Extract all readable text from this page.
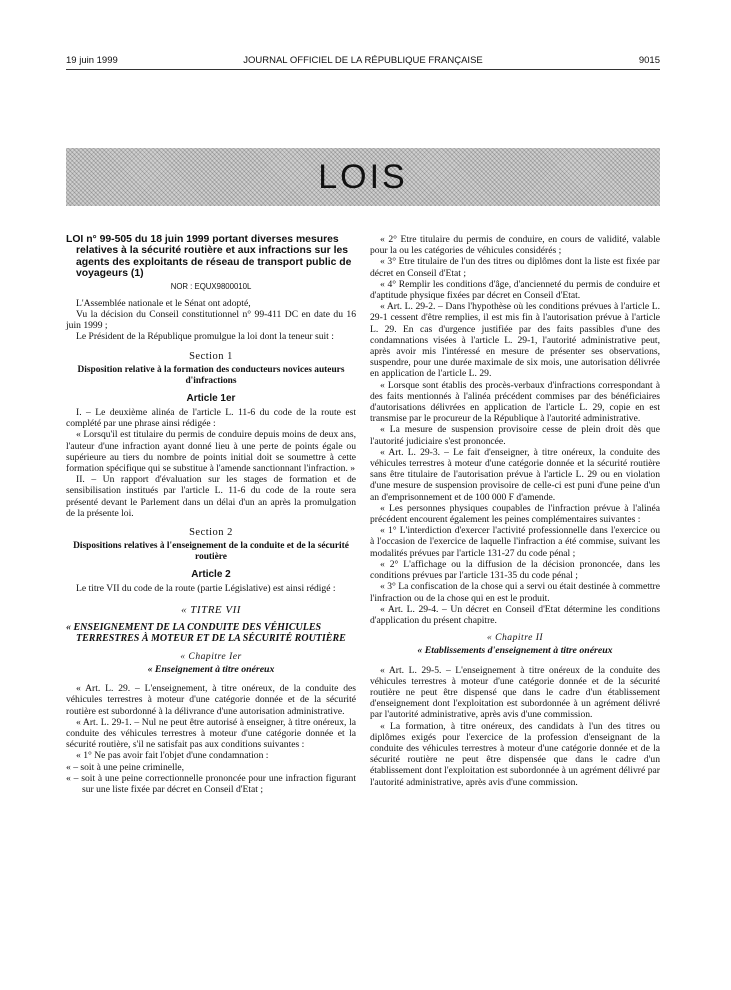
19 juin 1999	JOURNAL OFFICIEL DE LA RÉPUBLIQUE FRANÇAISE	9015
LOIS
LOI n° 99-505 du 18 juin 1999 portant diverses mesures relatives à la sécurité routière et aux infractions sur les agents des exploitants de réseau de transport public de voyageurs (1)
NOR : EQUX9800010L

L'Assemblée nationale et le Sénat ont adopté,

Vu la décision du Conseil constitutionnel n° 99-411 DC en date du 16 juin 1999 ;

Le Président de la République promulgue la loi dont la teneur suit :

Section 1
Disposition relative à la formation des conducteurs novices auteurs d'infractions
Article 1er

I. – Le deuxième alinéa de l'article L. 11-6 du code de la route est complété par une phrase ainsi rédigée :

« Lorsqu'il est titulaire du permis de conduire depuis moins de deux ans, l'auteur d'une infraction ayant donné lieu à une perte de points égale ou supérieure au tiers du nombre de points initial doit se soumettre à cette formation spécifique qui se substitue à l'amende sanctionnant l'infraction. »

II. – Un rapport d'évaluation sur les stages de formation et de sensibilisation institués par l'article L. 11-6 du code de la route sera présenté devant le Parlement dans un délai d'un an après la promulgation de la présente loi.

Section 2
Dispositions relatives à l'enseignement de la conduite et de la sécurité routière
Article 2

Le titre VII du code de la route (partie Législative) est ainsi rédigé :

« TITRE VII
« ENSEIGNEMENT DE LA CONDUITE DES VÉHICULES TERRESTRES À MOTEUR ET DE LA SÉCURITÉ ROUTIÈRE
« Chapitre Ier
« Enseignement à titre onéreux

« Art. L. 29. – L'enseignement, à titre onéreux, de la conduite des véhicules terrestres à moteur d'une catégorie donnée et de la sécurité routière est subordonné à la délivrance d'une autorisation administrative.

« Art. L. 29-1. – Nul ne peut être autorisé à enseigner, à titre onéreux, la conduite des véhicules terrestres à moteur d'une catégorie donnée et la sécurité routière, s'il ne satisfait pas aux conditions suivantes :

« 1° Ne pas avoir fait l'objet d'une condamnation :

« – soit à une peine criminelle,

« – soit à une peine correctionnelle prononcée pour une infraction figurant sur une liste fixée par décret en Conseil d'Etat ;

« 2° Etre titulaire du permis de conduire, en cours de validité, valable pour la ou les catégories de véhicules considérés ;

« 3° Etre titulaire de l'un des titres ou diplômes dont la liste est fixée par décret en Conseil d'Etat ;

« 4° Remplir les conditions d'âge, d'ancienneté du permis de conduire et d'aptitude physique fixées par décret en Conseil d'Etat.

« Art. L. 29-2. – Dans l'hypothèse où les conditions prévues à l'article L. 29-1 cessent d'être remplies, il est mis fin à l'autorisation prévue à l'article L. 29. En cas d'urgence justifiée par des faits passibles d'une des condamnations visées à l'article L. 29-1, l'autorité administrative peut, après avoir mis l'intéressé en mesure de présenter ses observations, suspendre, pour une durée maximale de six mois, une autorisation délivrée en application de l'article L. 29.

« Lorsque sont établis des procès-verbaux d'infractions correspondant à des faits mentionnés à l'alinéa précédent commises par des bénéficiaires d'autorisations délivrées en application de l'article L. 29, copie en est transmise par le procureur de la République à l'autorité administrative.

« La mesure de suspension provisoire cesse de plein droit dès que l'autorité judiciaire s'est prononcée.

« Art. L. 29-3. – Le fait d'enseigner, à titre onéreux, la conduite des véhicules terrestres à moteur d'une catégorie donnée et la sécurité routière sans être titulaire de l'autorisation prévue à l'article L. 29 ou en violation d'une mesure de suspension provisoire de celle-ci est puni d'une peine d'un an d'emprisonnement et de 100 000 F d'amende.

« Les personnes physiques coupables de l'infraction prévue à l'alinéa précédent encourent également les peines complémentaires suivantes :

« 1° L'interdiction d'exercer l'activité professionnelle dans l'exercice ou à l'occasion de l'exercice de laquelle l'infraction a été commise, suivant les modalités prévues par l'article 131-27 du code pénal ;

« 2° L'affichage ou la diffusion de la décision prononcée, dans les conditions prévues par l'article 131-35 du code pénal ;

« 3° La confiscation de la chose qui a servi ou était destinée à commettre l'infraction ou de la chose qui en est le produit.

« Art. L. 29-4. – Un décret en Conseil d'Etat détermine les conditions d'application du présent chapitre.

« Chapitre II
« Etablissements d'enseignement à titre onéreux

« Art. L. 29-5. – L'enseignement à titre onéreux de la conduite des véhicules terrestres à moteur d'une catégorie donnée et de la sécurité routière ne peut être dispensé que dans le cadre d'un établissement d'enseignement dont l'exploitation est subordonnée à un agrément délivré par l'autorité administrative, après avis d'une commission.

« La formation, à titre onéreux, des candidats à l'un des titres ou diplômes exigés pour l'exercice de la profession d'enseignant de la conduite des véhicules terrestres à moteur d'une catégorie donnée et de la sécurité routière ne peut être dispensée que dans le cadre d'un établissement dont l'exploitation est subordonnée à un agrément délivré par l'autorité administrative, après avis d'une commission.
